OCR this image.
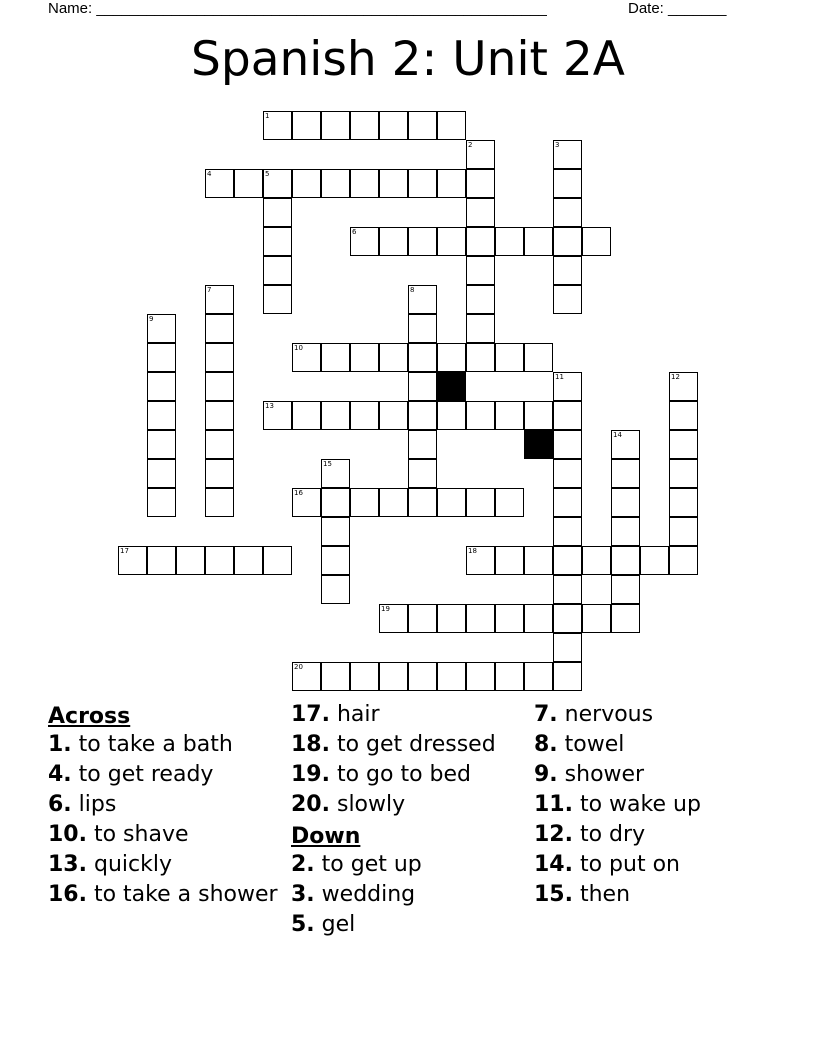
Name: ______________________________________________________	Date: _______
Spanish 2: Unit 2A
1
4	5
6
10
13
16
17	18
19
20
2	3
7	8
9
11	12
14
15
Across
1. to take a bath
4. to get ready
6. lips
10. to shave
13. quickly
16. to take a shower
17. hair
18. to get dressed
19. to go to bed
20. slowly
Down
2. to get up
3. wedding
5. gel
7. nervous
8. towel
9. shower
11. to wake up
12. to dry
14. to put on
15. then
